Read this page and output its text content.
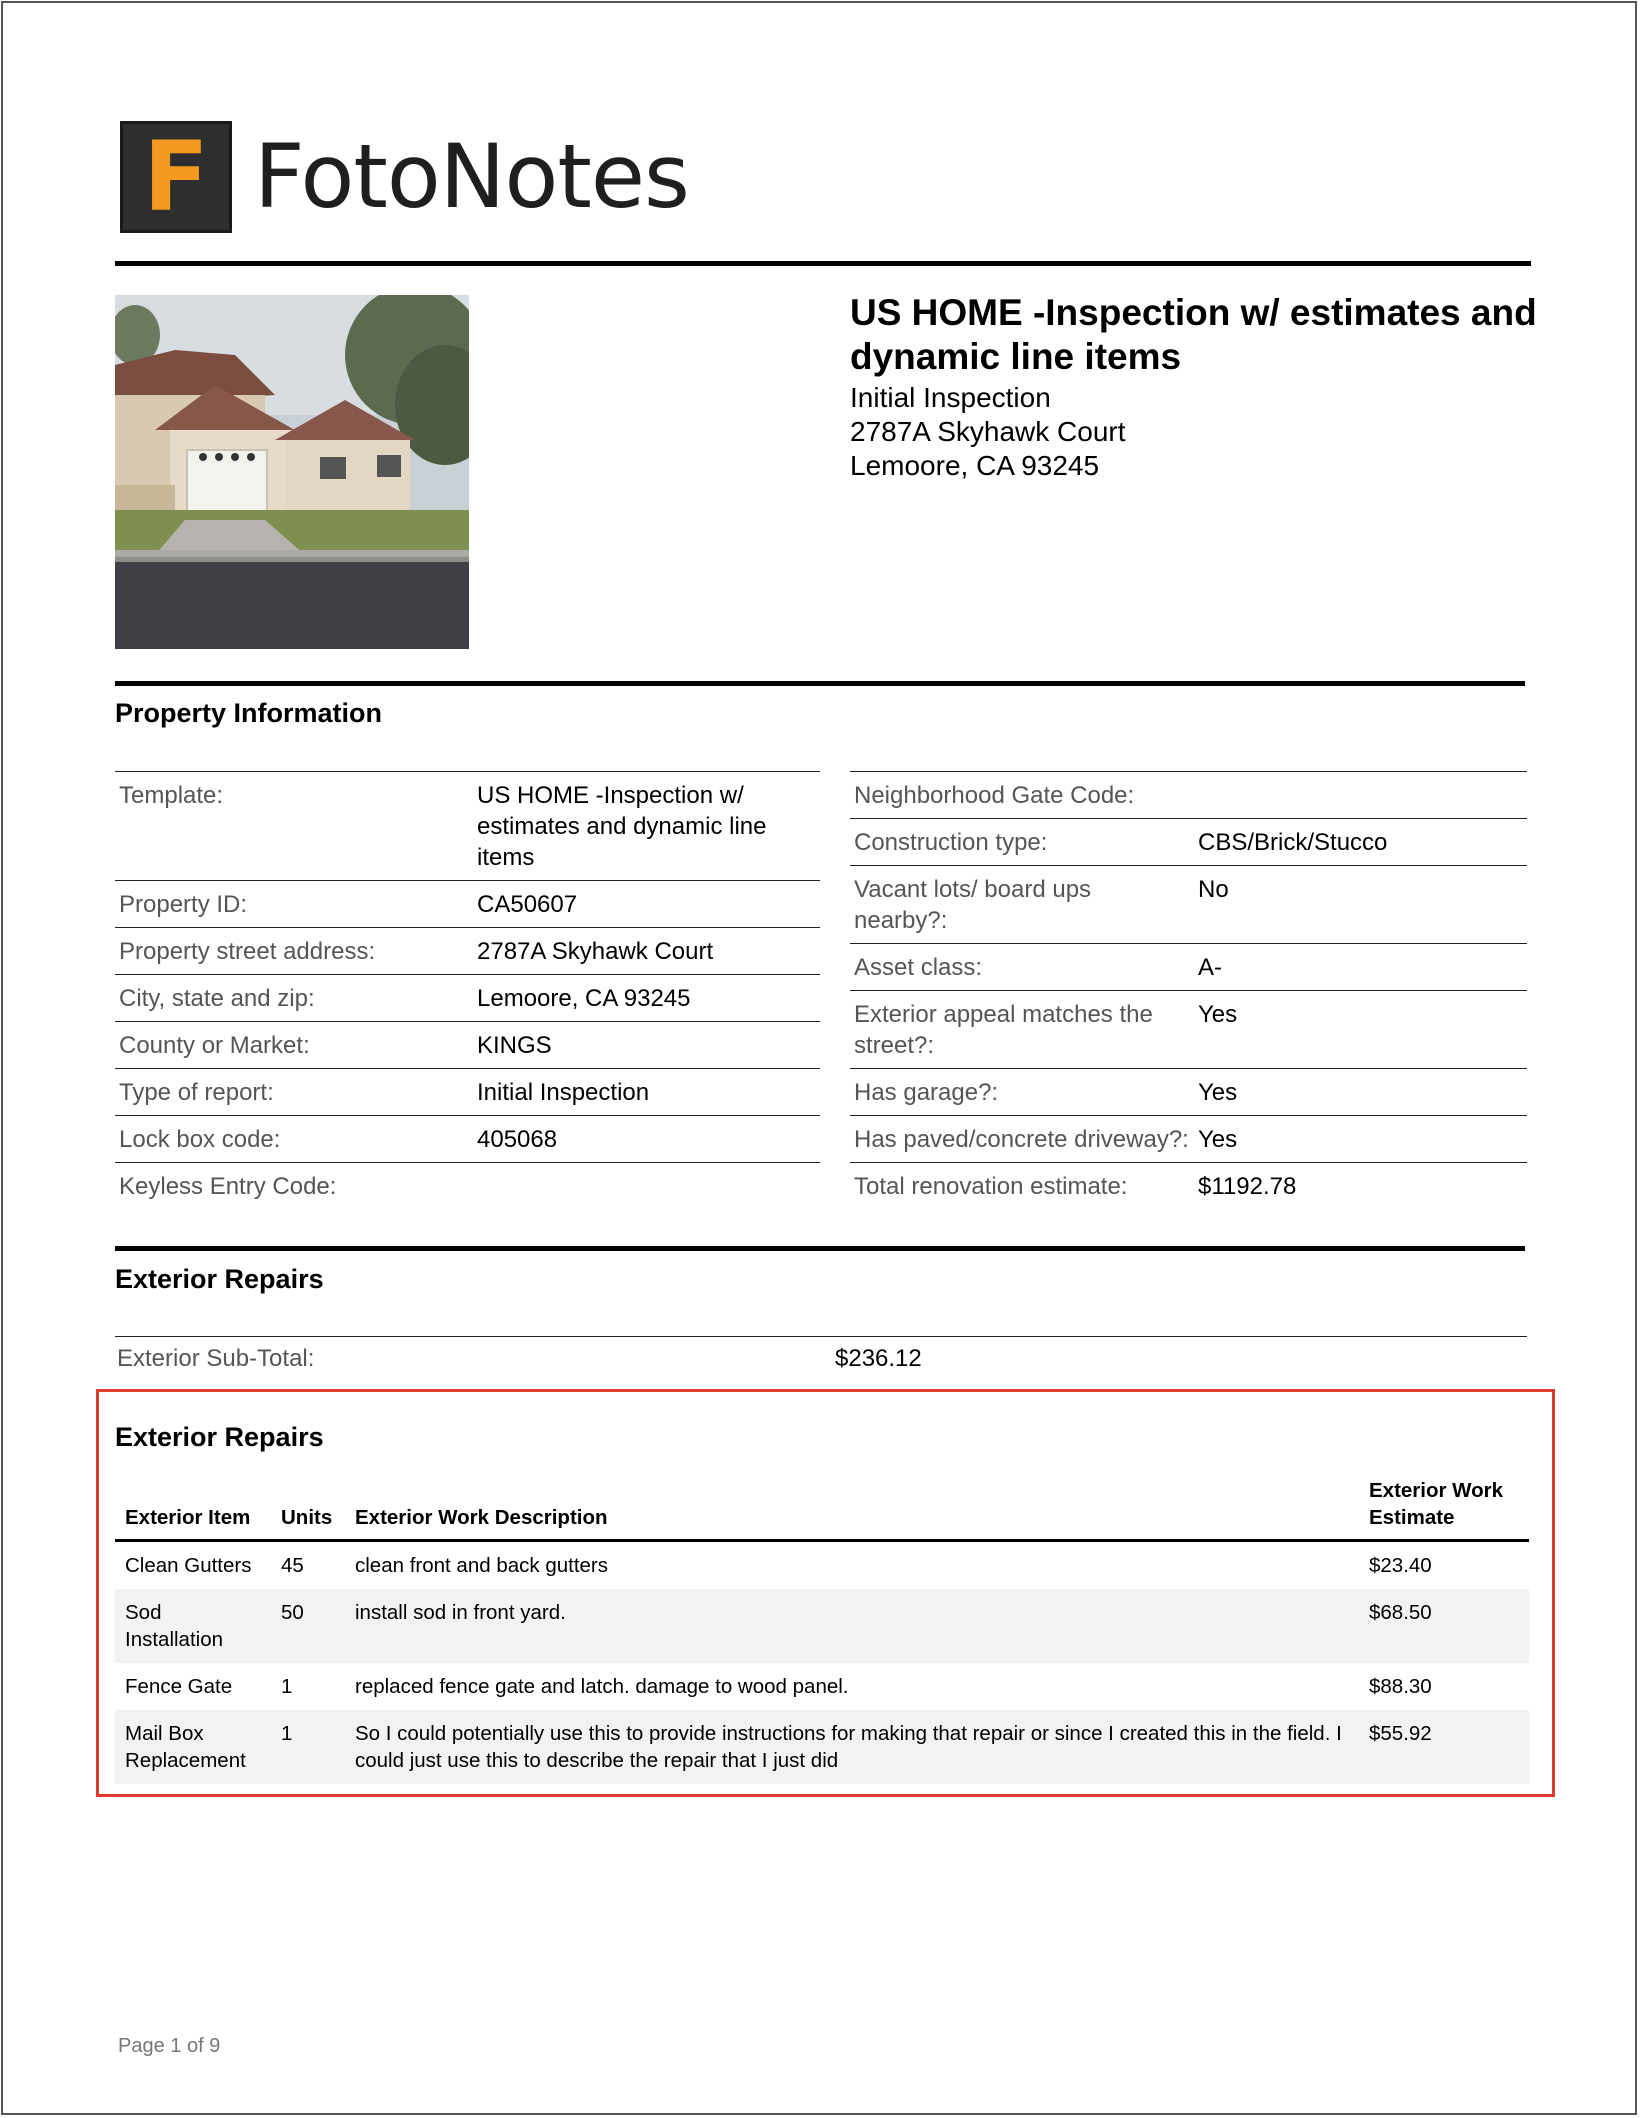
F FotoNotes
US HOME -Inspection w/ estimates and dynamic line items
Initial Inspection
2787A Skyhawk Court
Lemoore, CA 93245
Property Information
Template:	US HOME -Inspection w/ estimates and dynamic line items
Property ID:	CA50607
Property street address:	2787A Skyhawk Court
City, state and zip:	Lemoore, CA 93245
County or Market:	KINGS
Type of report:	Initial Inspection
Lock box code:	405068
Keyless Entry Code:	
Neighborhood Gate Code:	
Construction type:	CBS/Brick/Stucco
Vacant lots/ board ups nearby?:	No
Asset class:	A-
Exterior appeal matches the street?:	Yes
Has garage?:	Yes
Has paved/concrete driveway?:	Yes
Total renovation estimate:	$1192.78
Exterior Repairs
Exterior Sub-Total:	$236.12
Exterior Repairs
Exterior Item	Units	Exterior Work Description	Exterior Work Estimate
Clean Gutters	45	clean front and back gutters	$23.40
Sod Installation	50	install sod in front yard.	$68.50
Fence Gate	1	replaced fence gate and latch. damage to wood panel.	$88.30
Mail Box Replacement	1	So I could potentially use this to provide instructions for making that repair or since I created this in the field. I could just use this to describe the repair that I just did	$55.92
Page 1 of 9
